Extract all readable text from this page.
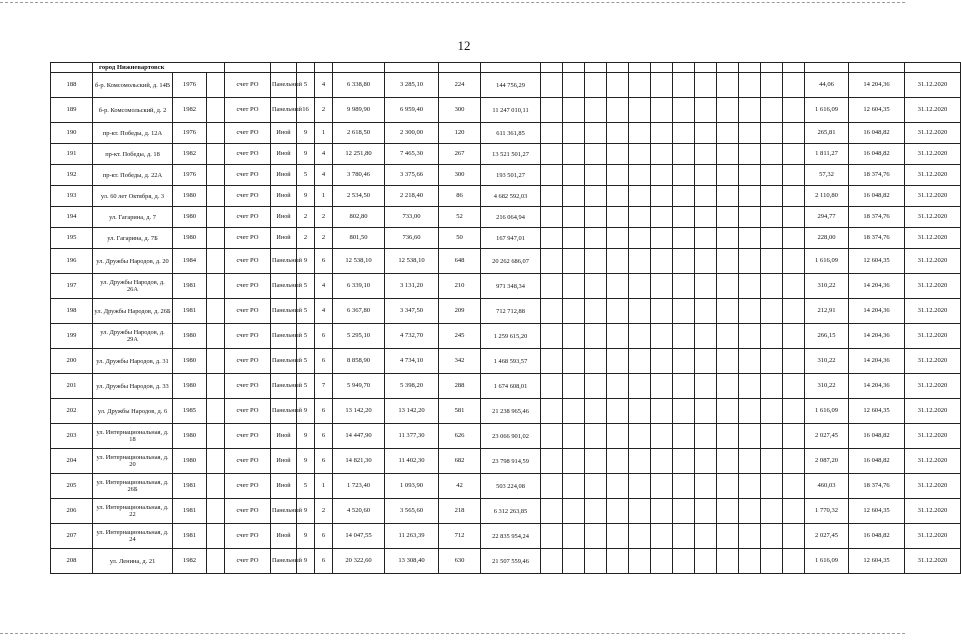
12
	город Нижневартовск																									
188	б-р. Комсомольский, д. 14В	1976		счет РО	Панельный	5	4	6 338,80	3 285,10	224	144 756,29													44,06	14 204,36	31.12.2020
189	б-р. Комсомольский, д. 2	1982		счет РО	Панельный	16	2	9 989,90	6 959,40	300	11 247 010,11													1 616,09	12 604,35	31.12.2020
190	пр-кт. Победы, д. 12А	1976		счет РО	Иной	9	1	2 618,50	2 300,00	120	611 361,85													265,81	16 048,82	31.12.2020
191	пр-кт. Победы, д. 18	1982		счет РО	Иной	9	4	12 251,80	7 465,30	267	13 521 501,27													1 811,27	16 048,82	31.12.2020
192	пр-кт. Победы, д. 22А	1976		счет РО	Иной	5	4	3 780,46	3 375,66	300	193 501,27													57,32	18 374,76	31.12.2020
193	ул. 60 лет Октября, д. 3	1980		счет РО	Иной	9	1	2 534,50	2 218,40	86	4 682 592,03													2 110,80	16 048,82	31.12.2020
194	ул. Гагарина, д. 7	1980		счет РО	Иной	2	2	802,80	733,00	52	216 064,94													294,77	18 374,76	31.12.2020
195	ул. Гагарина, д. 7Б	1980		счет РО	Иной	2	2	801,50	736,60	50	167 947,01													228,00	18 374,76	31.12.2020
196	ул. Дружбы Народов, д. 20	1984		счет РО	Панельный	9	6	12 538,10	12 538,10	648	20 262 686,07													1 616,09	12 604,35	31.12.2020
197	ул. Дружбы Народов, д. 26А	1981		счет РО	Панельный	5	4	6 339,10	3 131,20	210	971 348,34													310,22	14 204,36	31.12.2020
198	ул. Дружбы Народов, д. 26Б	1981		счет РО	Панельный	5	4	6 367,80	3 347,50	209	712 712,88													212,91	14 204,36	31.12.2020
199	ул. Дружбы Народов, д. 29А	1980		счет РО	Панельный	5	6	5 295,10	4 732,70	245	1 259 615,20													266,15	14 204,36	31.12.2020
200	ул. Дружбы Народов, д. 31	1980		счет РО	Панельный	5	6	8 858,90	4 734,10	342	1 468 593,57													310,22	14 204,36	31.12.2020
201	ул. Дружбы Народов, д. 33	1980		счет РО	Панельный	5	7	5 949,70	5 398,20	288	1 674 608,01													310,22	14 204,36	31.12.2020
202	ул. Дружбы Народов, д. 6	1985		счет РО	Панельный	9	6	13 142,20	13 142,20	581	21 238 965,46													1 616,09	12 604,35	31.12.2020
203	ул. Интернациональная, д. 18	1980		счет РО	Иной	9	6	14 447,90	11 377,30	626	23 066 901,02													2 027,45	16 048,82	31.12.2020
204	ул. Интернациональная, д. 20	1980		счет РО	Иной	9	6	14 821,30	11 402,30	682	23 798 914,59													2 087,20	16 048,82	31.12.2020
205	ул. Интернациональная, д. 26Б	1981		счет РО	Иной	5	1	1 723,40	1 093,90	42	503 224,08													460,03	18 374,76	31.12.2020
206	ул. Интернациональная, д. 22	1981		счет РО	Панельный	9	2	4 520,60	3 565,60	218	6 312 263,85													1 770,32	12 604,35	31.12.2020
207	ул. Интернациональная, д. 24	1981		счет РО	Иной	9	6	14 047,55	11 263,39	712	22 835 954,24													2 027,45	16 048,82	31.12.2020
208	ул. Ленина, д. 21	1982		счет РО	Панельный	9	6	20 322,60	13 308,40	630	21 507 559,46													1 616,09	12 604,35	31.12.2020
